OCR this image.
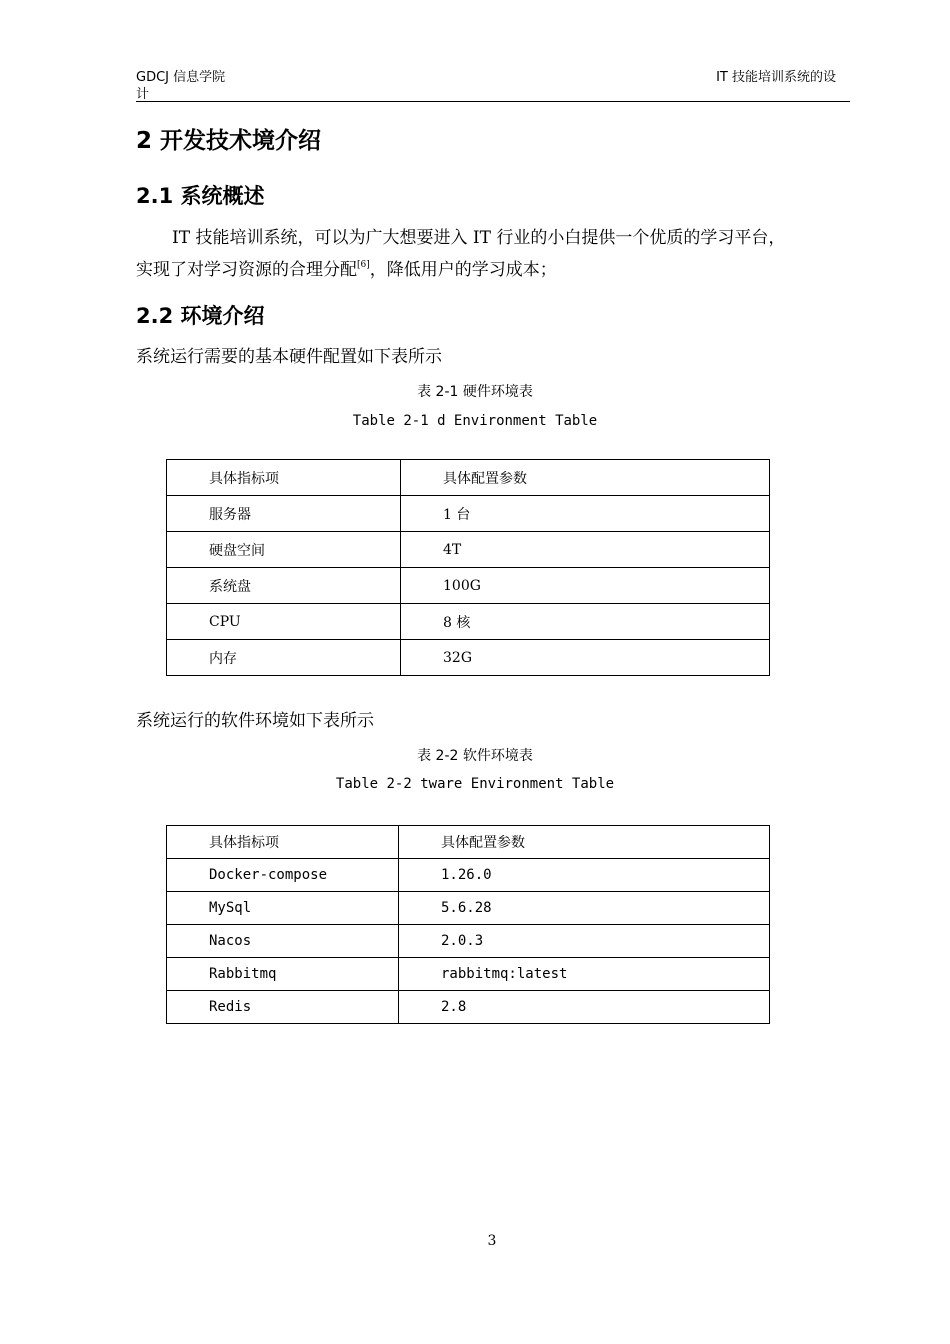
GDCJ 信息学院
计
IT 技能培训系统的设
2 开发技术境介绍
2.1 系统概述
IT 技能培训系统，可以为广大想要进入 IT 行业的小白提供一个优质的学习平台，
实现了对学习资源的合理分配[6]，降低用户的学习成本；
2.2 环境介绍
系统运行需要的基本硬件配置如下表所示
表 2-1 硬件环境表
Table 2-1 d Environment Table
具体指标项	具体配置参数
服务器	1 台
硬盘空间	4T
系统盘	100G
CPU	8 核
内存	32G
系统运行的软件环境如下表所示
表 2-2 软件环境表
Table 2-2 tware Environment Table
具体指标项	具体配置参数
Docker-compose	1.26.0
MySql	5.6.28
Nacos	2.0.3
Rabbitmq	rabbitmq:latest
Redis	2.8
3
